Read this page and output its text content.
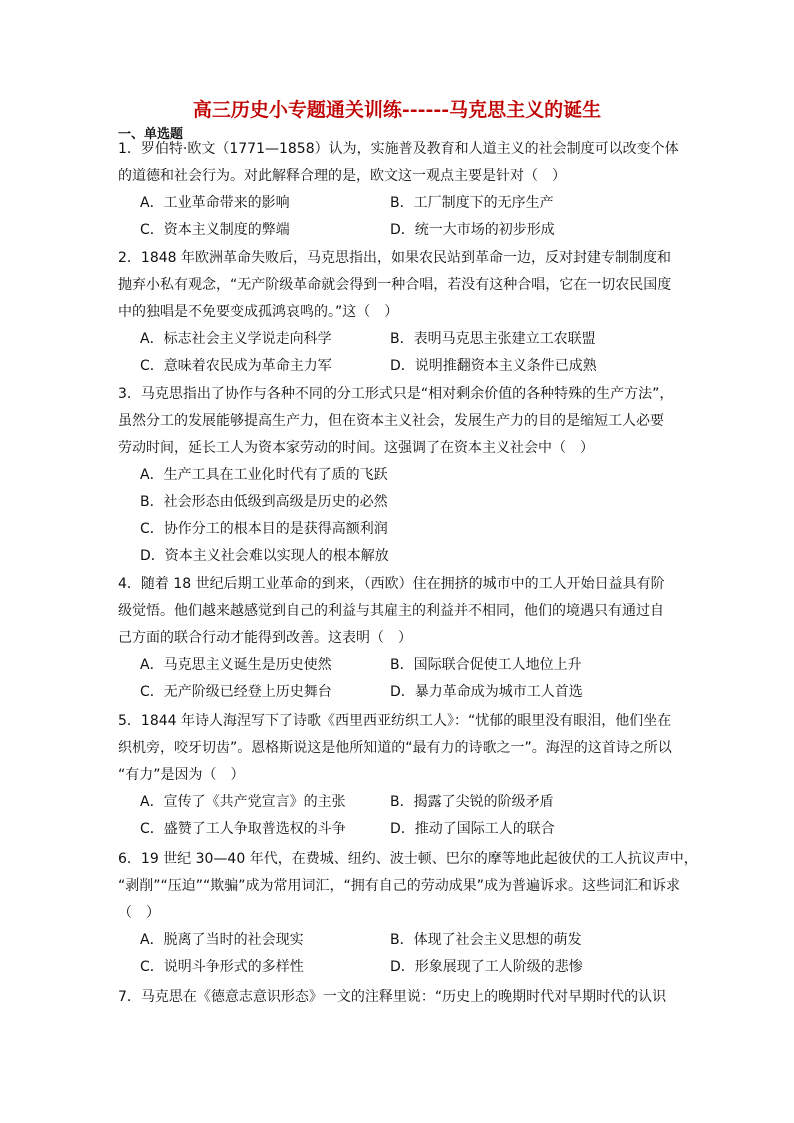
高三历史小专题通关训练------马克思主义的诞生
一、单选题
1．罗伯特·欧文（1771—1858）认为，实施普及教育和人道主义的社会制度可以改变个体
的道德和社会行为。对此解释合理的是，欧文这一观点主要是针对（　）
A．工业革命带来的影响	B．工厂制度下的无序生产
C．资本主义制度的弊端	D．统一大市场的初步形成
2．1848 年欧洲革命失败后，马克思指出，如果农民站到革命一边，反对封建专制制度和
抛弃小私有观念，“无产阶级革命就会得到一种合唱，若没有这种合唱，它在一切农民国度
中的独唱是不免要变成孤鸿哀鸣的。”这（　）
A．标志社会主义学说走向科学	B．表明马克思主张建立工农联盟
C．意味着农民成为革命主力军	D．说明推翻资本主义条件已成熟
3．马克思指出了协作与各种不同的分工形式只是“相对剩余价值的各种特殊的生产方法”，
虽然分工的发展能够提高生产力，但在资本主义社会，发展生产力的目的是缩短工人必要
劳动时间，延长工人为资本家劳动的时间。这强调了在资本主义社会中（　）
A．生产工具在工业化时代有了质的飞跃
B．社会形态由低级到高级是历史的必然
C．协作分工的根本目的是获得高额利润
D．资本主义社会难以实现人的根本解放
4．随着 18 世纪后期工业革命的到来，（西欧）住在拥挤的城市中的工人开始日益具有阶
级觉悟。他们越来越感觉到自己的利益与其雇主的利益并不相同，他们的境遇只有通过自
己方面的联合行动才能得到改善。这表明（　）
A．马克思主义诞生是历史使然	B．国际联合促使工人地位上升
C．无产阶级已经登上历史舞台	D．暴力革命成为城市工人首选
5．1844 年诗人海涅写下了诗歌《西里西亚纺织工人》：“忧郁的眼里没有眼泪，他们坐在
织机旁，咬牙切齿”。恩格斯说这是他所知道的“最有力的诗歌之一”。海涅的这首诗之所以
“有力”是因为（　）
A．宣传了《共产党宣言》的主张	B．揭露了尖锐的阶级矛盾
C．盛赞了工人争取普选权的斗争	D．推动了国际工人的联合
6．19 世纪 30—40 年代，在费城、纽约、波士顿、巴尔的摩等地此起彼伏的工人抗议声中，
“剥削”“压迫”“欺骗”成为常用词汇，“拥有自己的劳动成果”成为普遍诉求。这些词汇和诉求
（　）
A．脱离了当时的社会现实	B．体现了社会主义思想的萌发
C．说明斗争形式的多样性	D．形象展现了工人阶级的悲惨
7．马克思在《德意志意识形态》一文的注释里说：“历史上的晚期时代对早期时代的认识
